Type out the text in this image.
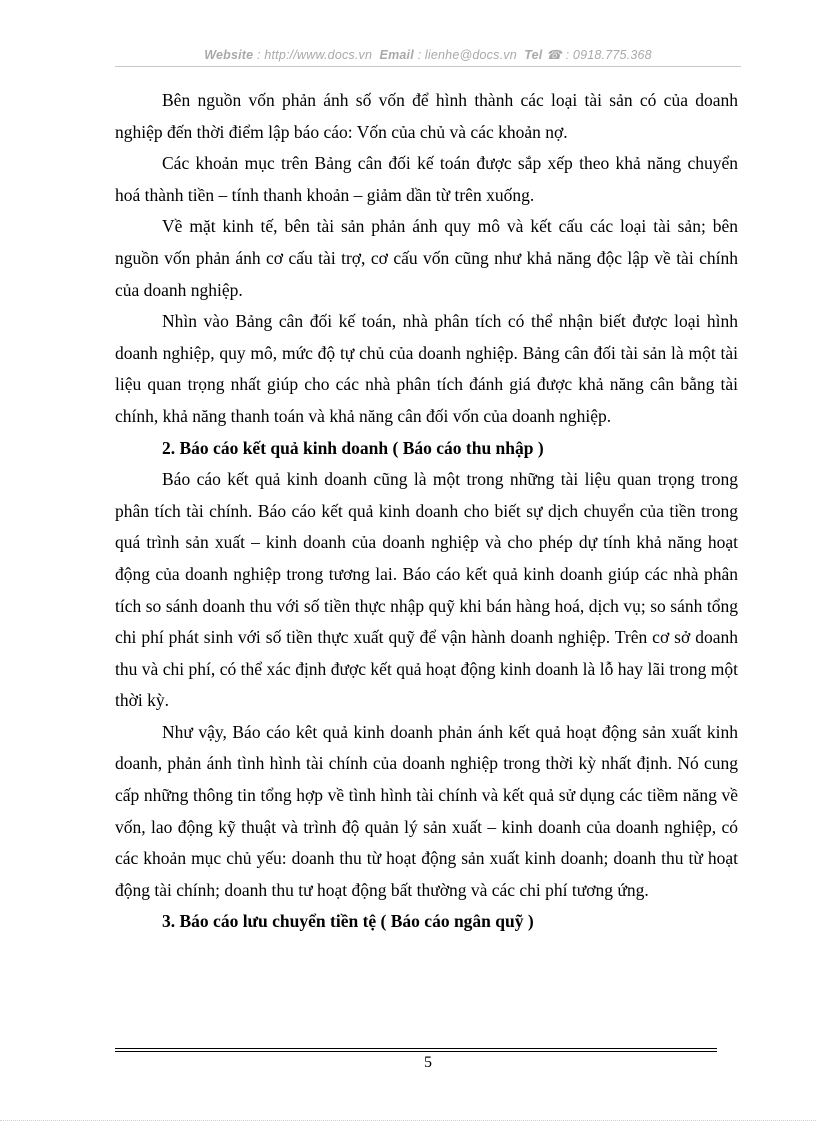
Website : http://www.docs.vn Email : lienhe@docs.vn Tel ☎ : 0918.775.368

Bên nguồn vốn phản ánh số vốn để hình thành các loại tài sản có của doanh nghiệp đến thời điểm lập báo cáo: Vốn của chủ và các khoản nợ.

Các khoản mục trên Bảng cân đối kế toán được sắp xếp theo khả năng chuyển hoá thành tiền – tính thanh khoản – giảm dần từ trên xuống.

Về mặt kinh tế, bên tài sản phản ánh quy mô và kết cấu các loại tài sản; bên nguồn vốn phản ánh cơ cấu tài trợ, cơ cấu vốn cũng như khả năng độc lập về tài chính của doanh nghiệp.

Nhìn vào Bảng cân đối kế toán, nhà phân tích có thể nhận biết được loại hình doanh nghiệp, quy mô, mức độ tự chủ của doanh nghiệp. Bảng cân đối tài sản là một tài liệu quan trọng nhất giúp cho các nhà phân tích đánh giá được khả năng cân bằng tài chính, khả năng thanh toán và khả năng cân đối vốn của doanh nghiệp.

2. Báo cáo kết quả kinh doanh ( Báo cáo thu nhập )

Báo cáo kết quả kinh doanh cũng là một trong những tài liệu quan trọng trong phân tích tài chính. Báo cáo kết quả kinh doanh cho biết sự dịch chuyển của tiền trong quá trình sản xuất – kinh doanh của doanh nghiệp và cho phép dự tính khả năng hoạt động của doanh nghiệp trong tương lai. Báo cáo kết quả kinh doanh giúp các nhà phân tích so sánh doanh thu với số tiền thực nhập quỹ khi bán hàng hoá, dịch vụ; so sánh tổng chi phí phát sinh với số tiền thực xuất quỹ để vận hành doanh nghiệp. Trên cơ sở doanh thu và chi phí, có thể xác định được kết quả hoạt động kinh doanh là lỗ hay lãi trong một thời kỳ.

Như vậy, Báo cáo kêt quả kinh doanh phản ánh kết quả hoạt động sản xuất kinh doanh, phản ánh tình hình tài chính của doanh nghiệp trong thời kỳ nhất định. Nó cung cấp những thông tin tổng hợp về tình hình tài chính và kết quả sử dụng các tiềm năng về vốn, lao động kỹ thuật và trình độ quản lý sản xuất – kinh doanh của doanh nghiệp, có các khoản mục chủ yếu: doanh thu từ hoạt động sản xuất kinh doanh; doanh thu từ hoạt động tài chính; doanh thu tư hoạt động bất thường và các chi phí tương ứng.

3. Báo cáo lưu chuyển tiền tệ ( Báo cáo ngân quỹ )

5
